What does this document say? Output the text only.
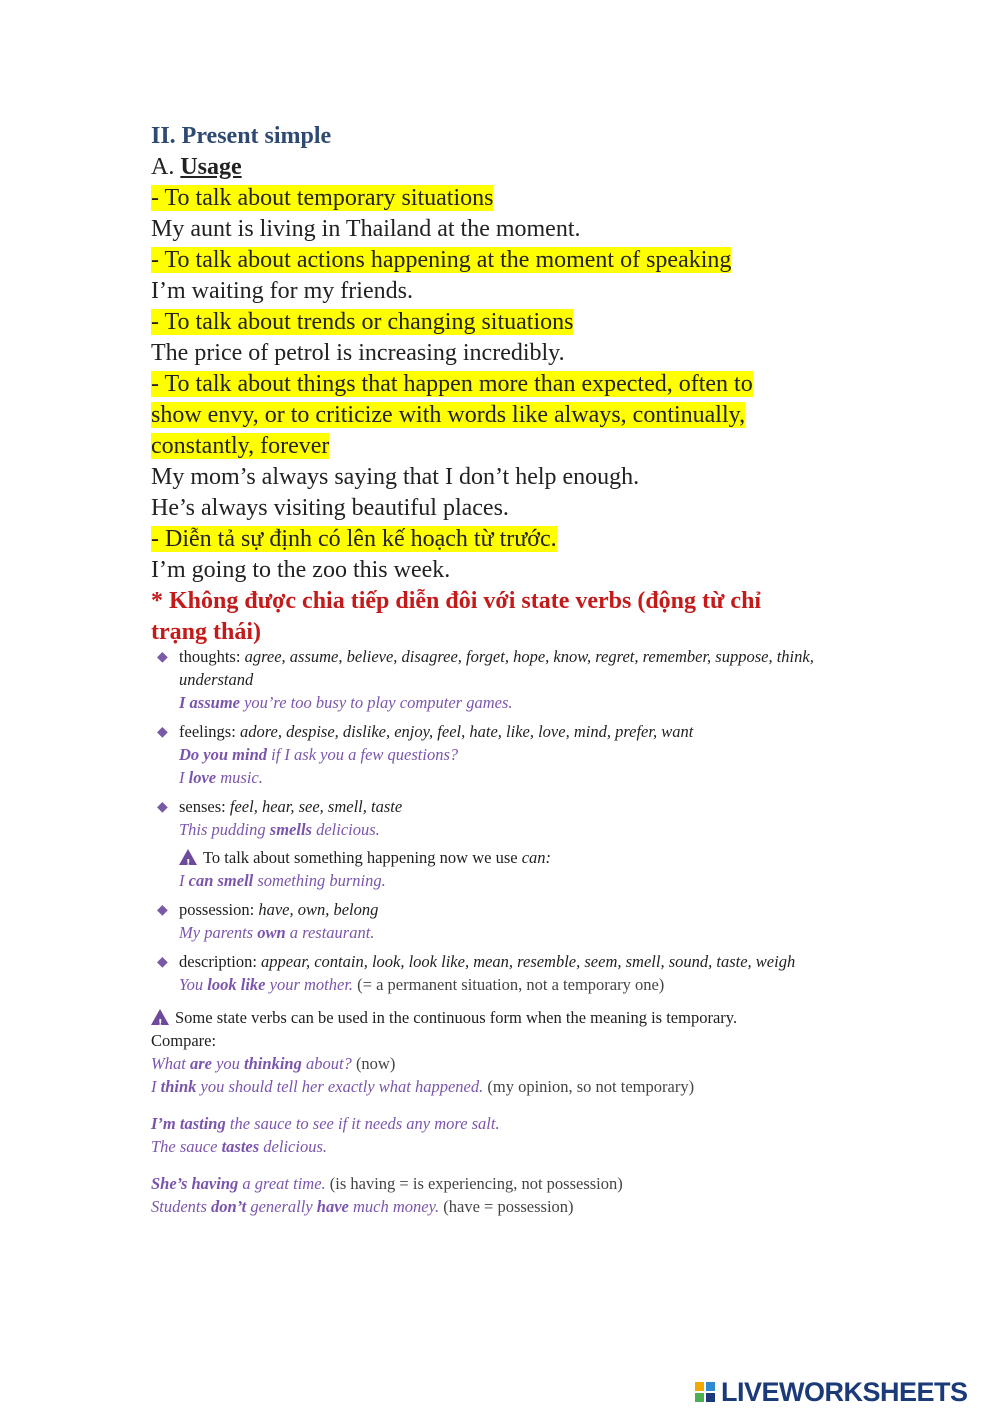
II. Present simple
A. Usage
- To talk about temporary situations
My aunt is living in Thailand at the moment.
- To talk about actions happening at the moment of speaking
I’m waiting for my friends.
- To talk about trends or changing situations
The price of petrol is increasing incredibly.
- To talk about things that happen more than expected, often to
show envy, or to criticize with words like always, continually,
constantly, forever
My mom’s always saying that I don’t help enough.
He’s always visiting beautiful places.
- Diễn tả sự định có lên kế hoạch từ trước.
I’m going to the zoo this week.
* Không được chia tiếp diễn đôi với state verbs (động từ chỉ
trạng thái)
◆ thoughts: agree, assume, believe, disagree, forget, hope, know, regret, remember, suppose, think,
understand
I assume you’re too busy to play computer games.
◆ feelings: adore, despise, dislike, enjoy, feel, hate, like, love, mind, prefer, want
Do you mind if I ask you a few questions?
I love music.
◆ senses: feel, hear, see, smell, taste
This pudding smells delicious.

!To talk about something happening now we use can:
I can smell something burning.
◆ possession: have, own, belong
My parents own a restaurant.
◆ description: appear, contain, look, look like, mean, resemble, seem, smell, sound, taste, weigh
You look like your mother. (= a permanent situation, not a temporary one)
!Some state verbs can be used in the continuous form when the meaning is temporary.
Compare:
What are you thinking about? (now)
I think you should tell her exactly what happened. (my opinion, so not temporary)
I’m tasting the sauce to see if it needs any more salt.
The sauce tastes delicious.
She’s having a great time. (is having = is experiencing, not possession)
Students don’t generally have much money. (have = possession)
LIVEWORKSHEETS
